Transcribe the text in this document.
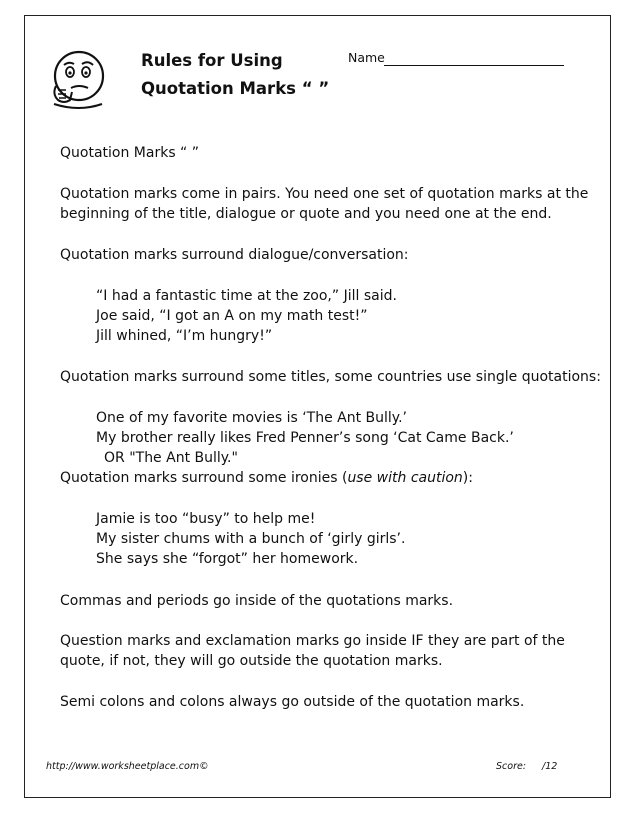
Rules for Using
Quotation Marks “ ”
Name
Quotation Marks “ ”
Quotation marks come in pairs. You need one set of quotation marks at the
beginning of the title, dialogue or quote and you need one at the end.
Quotation marks surround dialogue/conversation:
“I had a fantastic time at the zoo,” Jill said.
Joe said, “I got an A on my math test!”
Jill whined, “I’m hungry!”
Quotation marks surround some titles, some countries use single quotations:
One of my favorite movies is ‘The Ant Bully.’
My brother really likes Fred Penner’s song ‘Cat Came Back.’
OR "The Ant Bully."
Quotation marks surround some ironies (use with caution):
Jamie is too “busy” to help me!
My sister chums with a bunch of ‘girly girls’.
She says she “forgot” her homework.
Commas and periods go inside of the quotations marks.
Question marks and exclamation marks go inside IF they are part of the
quote, if not, they will go outside the quotation marks.
Semi colons and colons always go outside of the quotation marks.
http://www.worksheetplace.com©	Score: /12
